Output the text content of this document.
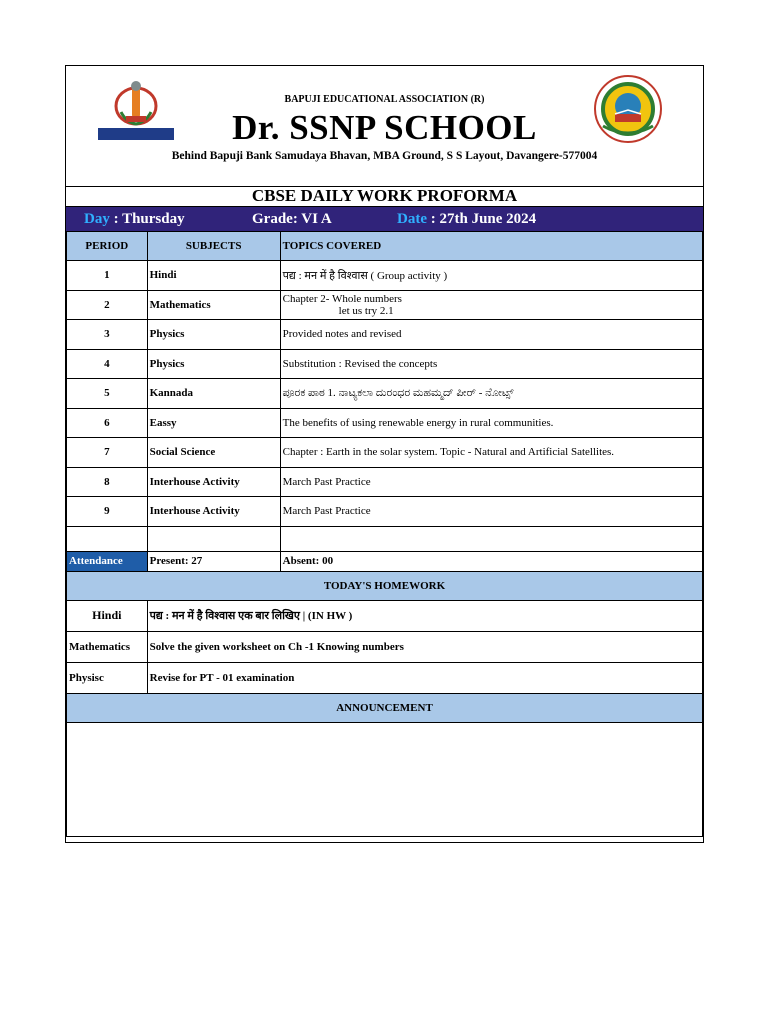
BAPUJI EDUCATIONAL ASSOCIATION (R)
Dr. SSNP SCHOOL
Behind Bapuji Bank Samudaya Bhavan, MBA Ground, S S Layout, Davangere-577004
CBSE DAILY WORK PROFORMA
Day : Thursday	Grade: VI A	Date : 27th June 2024
PERIOD	SUBJECTS	TOPICS COVERED
1	Hindi	पद्य : मन में है विश्वास ( Group activity )
2	Mathematics	Chapter 2- Whole numbers
let us try 2.1

3	Physics	Provided notes and revised
4	Physics	Substitution : Revised the concepts
5	Kannada	ಪೂರಕ ಪಾಠ 1. ನಾಟ್ಯಕಲಾ ದುರಂಧರ ಮಹಮ್ಮದ್ ಪೀರ್ - ನೋಟ್ಸ್
6	Eassy	The benefits of using renewable energy in rural communities.
7	Social Science	Chapter : Earth in the solar system. Topic - Natural and Artificial Satellites.
8	Interhouse Activity	March Past Practice
9	Interhouse Activity	March Past Practice

Attendance	Present: 27	Absent: 00
TODAY'S HOMEWORK		
Hindi	पद्य : मन में है विश्वास एक बार लिखिए | (IN HW )	
Mathematics	Solve the given worksheet on Ch -1 Knowing numbers	
Physisc	Revise for PT - 01 examination	
ANNOUNCEMENT		
